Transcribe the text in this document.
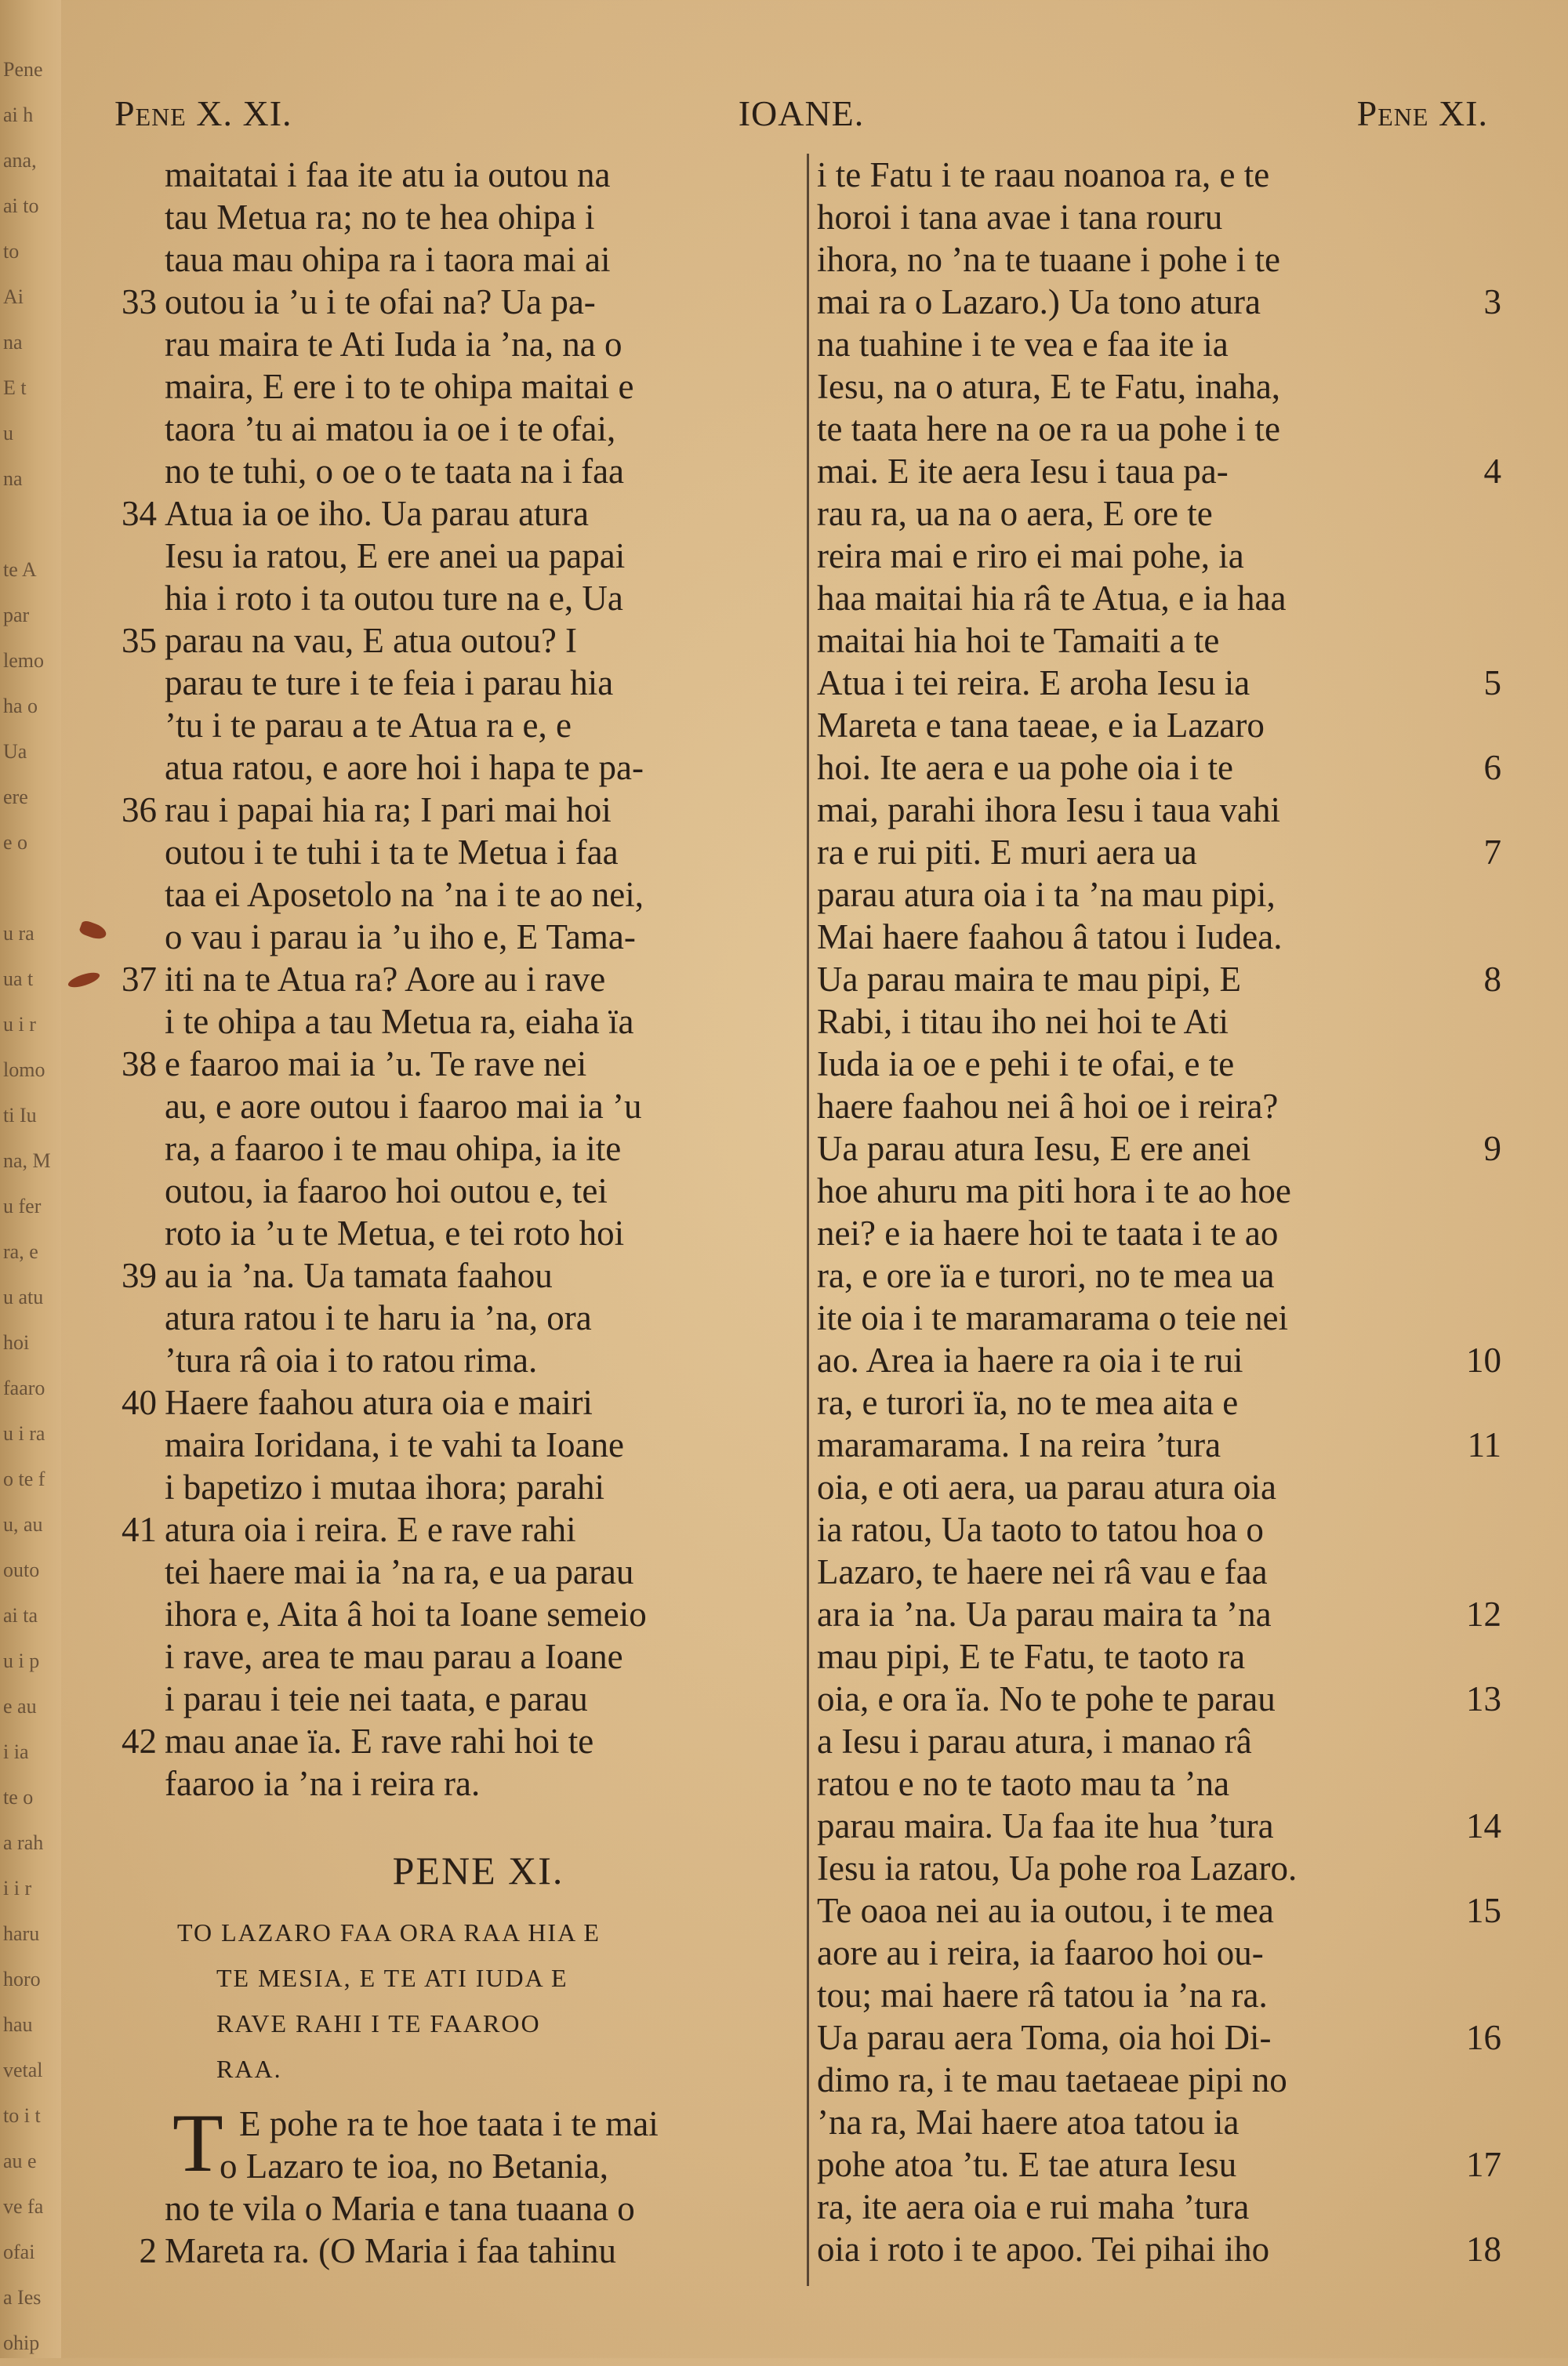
Pene
ai h
ana,
ai to
to
Ai
na
E t
u
na

te A
par
lemo
ha o
Ua
ere
e o

u ra
ua t
u i r
lomo
ti Iu
na, M
u fer
ra, e
u atu
hoi
faaro
u i ra
o te f
u, au
outo
ai ta
u i p
e au
i ia
te o
a rah
i i r
haru
horo
hau
vetal
to i t
au e
ve fa
ofai
a Ies
ohip
Pene X. XI.	IOANE.	Pene XI.
maitatai i faa ite atu ia outou na
tau Metua ra; no te hea ohipa i
taua mau ohipa ra i taora mai ai
33 outou ia ’u i te ofai na? Ua pa-
rau maira te Ati Iuda ia ’na, na o
maira, E ere i to te ohipa maitai e
taora ’tu ai matou ia oe i te ofai,
no te tuhi, o oe o te taata na i faa
34 Atua ia oe iho. Ua parau atura
Iesu ia ratou, E ere anei ua papai
hia i roto i ta outou ture na e, Ua
35 parau na vau, E atua outou? I
parau te ture i te feia i parau hia
’tu i te parau a te Atua ra e, e
atua ratou, e aore hoi i hapa te pa-
36 rau i papai hia ra; I pari mai hoi
outou i te tuhi i ta te Metua i faa
taa ei Aposetolo na ’na i te ao nei,
o vau i parau ia ’u iho e, E Tama-
37 iti na te Atua ra? Aore au i rave
i te ohipa a tau Metua ra, eiaha ïa
38 e faaroo mai ia ’u. Te rave nei
au, e aore outou i faaroo mai ia ’u
ra, a faaroo i te mau ohipa, ia ite
outou, ia faaroo hoi outou e, tei
roto ia ’u te Metua, e tei roto hoi
39 au ia ’na. Ua tamata faahou
atura ratou i te haru ia ’na, ora
’tura râ oia i to ratou rima.
40 Haere faahou atura oia e mairi
maira Ioridana, i te vahi ta Ioane
i bapetizo i mutaa ihora; parahi
41 atura oia i reira. E e rave rahi
tei haere mai ia ’na ra, e ua parau
ihora e, Aita â hoi ta Ioane semeio
i rave, area te mau parau a Ioane
i parau i teie nei taata, e parau
42 mau anae ïa. E rave rahi hoi te
faaroo ia ’na i reira ra.
PENE XI.
TO LAZARO FAA ORA RAA HIA E
TE MESIA, E TE ATI IUDA E
RAVE RAHI I TE FAAROO
RAA.
E pohe ra te hoe taata i te mai
T
o Lazaro te ioa, no Betania,
no te vila o Maria e tana tuaana o
2 Mareta ra. (O Maria i faa tahinu
i te Fatu i te raau noanoa ra, e te
horoi i tana avae i tana rouru
ihora, no ’na te tuaane i pohe i te
3
mai ra o Lazaro.) Ua tono atura
na tuahine i te vea e faa ite ia
Iesu, na o atura, E te Fatu, inaha,
te taata here na oe ra ua pohe i te
4
mai. E ite aera Iesu i taua pa-
rau ra, ua na o aera, E ore te
reira mai e riro ei mai pohe, ia
haa maitai hia râ te Atua, e ia haa
maitai hia hoi te Tamaiti a te
5
Atua i tei reira. E aroha Iesu ia
Mareta e tana taeae, e ia Lazaro
6
hoi. Ite aera e ua pohe oia i te
mai, parahi ihora Iesu i taua vahi
7
ra e rui piti. E muri aera ua
parau atura oia i ta ’na mau pipi,
Mai haere faahou â tatou i Iudea.
8
Ua parau maira te mau pipi, E
Rabi, i titau iho nei hoi te Ati
Iuda ia oe e pehi i te ofai, e te
haere faahou nei â hoi oe i reira?
9
Ua parau atura Iesu, E ere anei
hoe ahuru ma piti hora i te ao hoe
nei? e ia haere hoi te taata i te ao
ra, e ore ïa e turori, no te mea ua
ite oia i te maramarama o teie nei
10
ao. Area ia haere ra oia i te rui
ra, e turori ïa, no te mea aita e
11
maramarama. I na reira ’tura
oia, e oti aera, ua parau atura oia
ia ratou, Ua taoto to tatou hoa o
Lazaro, te haere nei râ vau e faa
12
ara ia ’na. Ua parau maira ta ’na
mau pipi, E te Fatu, te taoto ra
13
oia, e ora ïa. No te pohe te parau
a Iesu i parau atura, i manao râ
ratou e no te taoto mau ta ’na
14
parau maira. Ua faa ite hua ’tura
Iesu ia ratou, Ua pohe roa Lazaro.
15
Te oaoa nei au ia outou, i te mea
aore au i reira, ia faaroo hoi ou-
tou; mai haere râ tatou ia ’na ra.
16
Ua parau aera Toma, oia hoi Di-
dimo ra, i te mau taetaeae pipi no
’na ra, Mai haere atoa tatou ia
17
pohe atoa ’tu. E tae atura Iesu
ra, ite aera oia e rui maha ’tura
18
oia i roto i te apoo. Tei pihai iho
